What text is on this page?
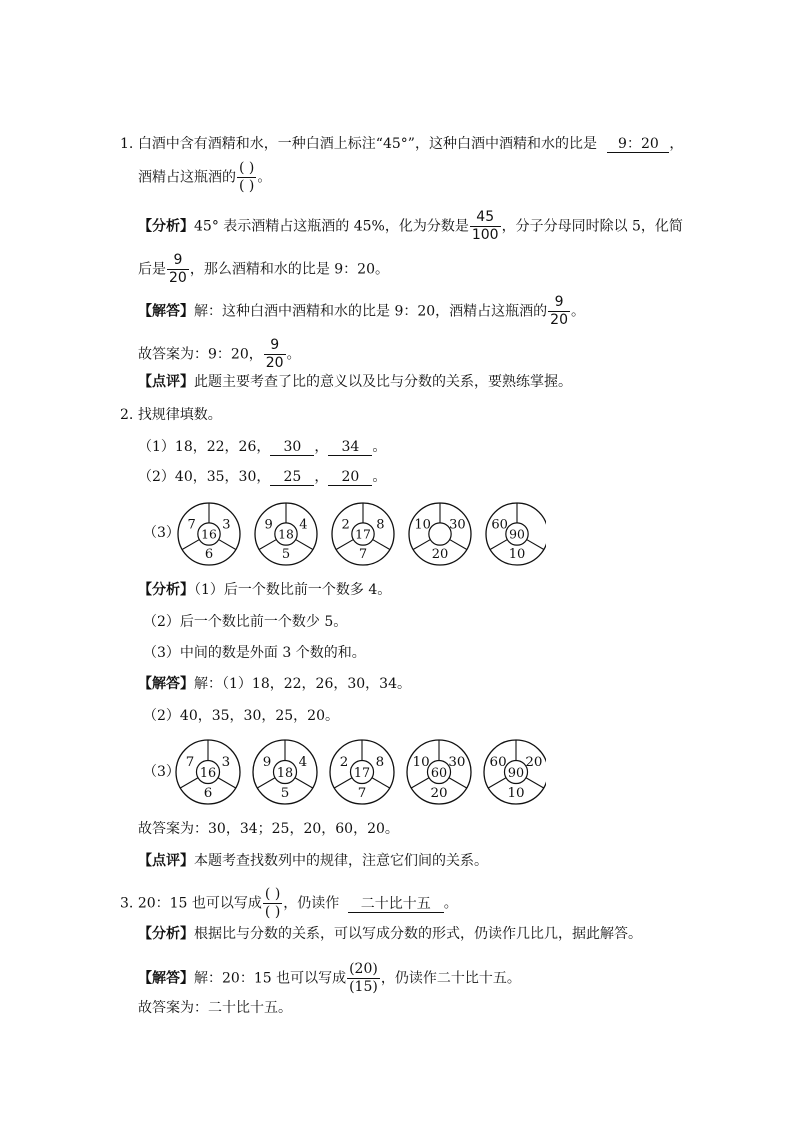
1. 白酒中含有酒精和水，一种白酒上标注“45°”，这种白酒中酒精和水的比是 9：20 ，
酒精占这瓶酒的 $\frac{( )}{( )}$ 。
【分析】45° 表示酒精占这瓶酒的 45%，化为分数是 $\frac{45}{100}$ ，分子分母同时除以 5，化简
后是 $\frac{9}{20}$ ，那么酒精和水的比是 9：20。
【解答】解：这种白酒中酒精和水的比是 9：20，酒精占这瓶酒的 $\frac{9}{20}$ 。
故答案为：9：20， $\frac{9}{20}$ 。
【点评】此题主要考查了比的意义以及比与分数的关系，要熟练掌握。
2. 找规律填数。
（1）18，22，26， 30 ， 34 。
（2）40，35，30， 25 ， 20 。
（3）
7 3
6
16
9 4
5
18
2 8
7
17
10 30
20
60
10
90
【分析】（1）后一个数比前一个数多 4。
（2）后一个数比前一个数少 5。
（3）中间的数是外面 3 个数的和。
【解答】解：（1）18，22，26，30，34。
（2）40，35，30，25，20。
（3）
7 3
6
16
9 4
5
18
2 8
7
17
10 30
20
60
60 20
10
90
故答案为：30，34；25，20，60，20。
【点评】本题考查找数列中的规律，注意它们间的关系。
3. 20：15 也可以写成 $\frac{( )}{( )}$ ，仍读作 二十比十五 。
【分析】根据比与分数的关系，可以写成分数的形式，仍读作几比几，据此解答。
【解答】解：20：15 也可以写成 $\frac{(20)}{(15)}$ ，仍读作二十比十五。
故答案为：二十比十五。
